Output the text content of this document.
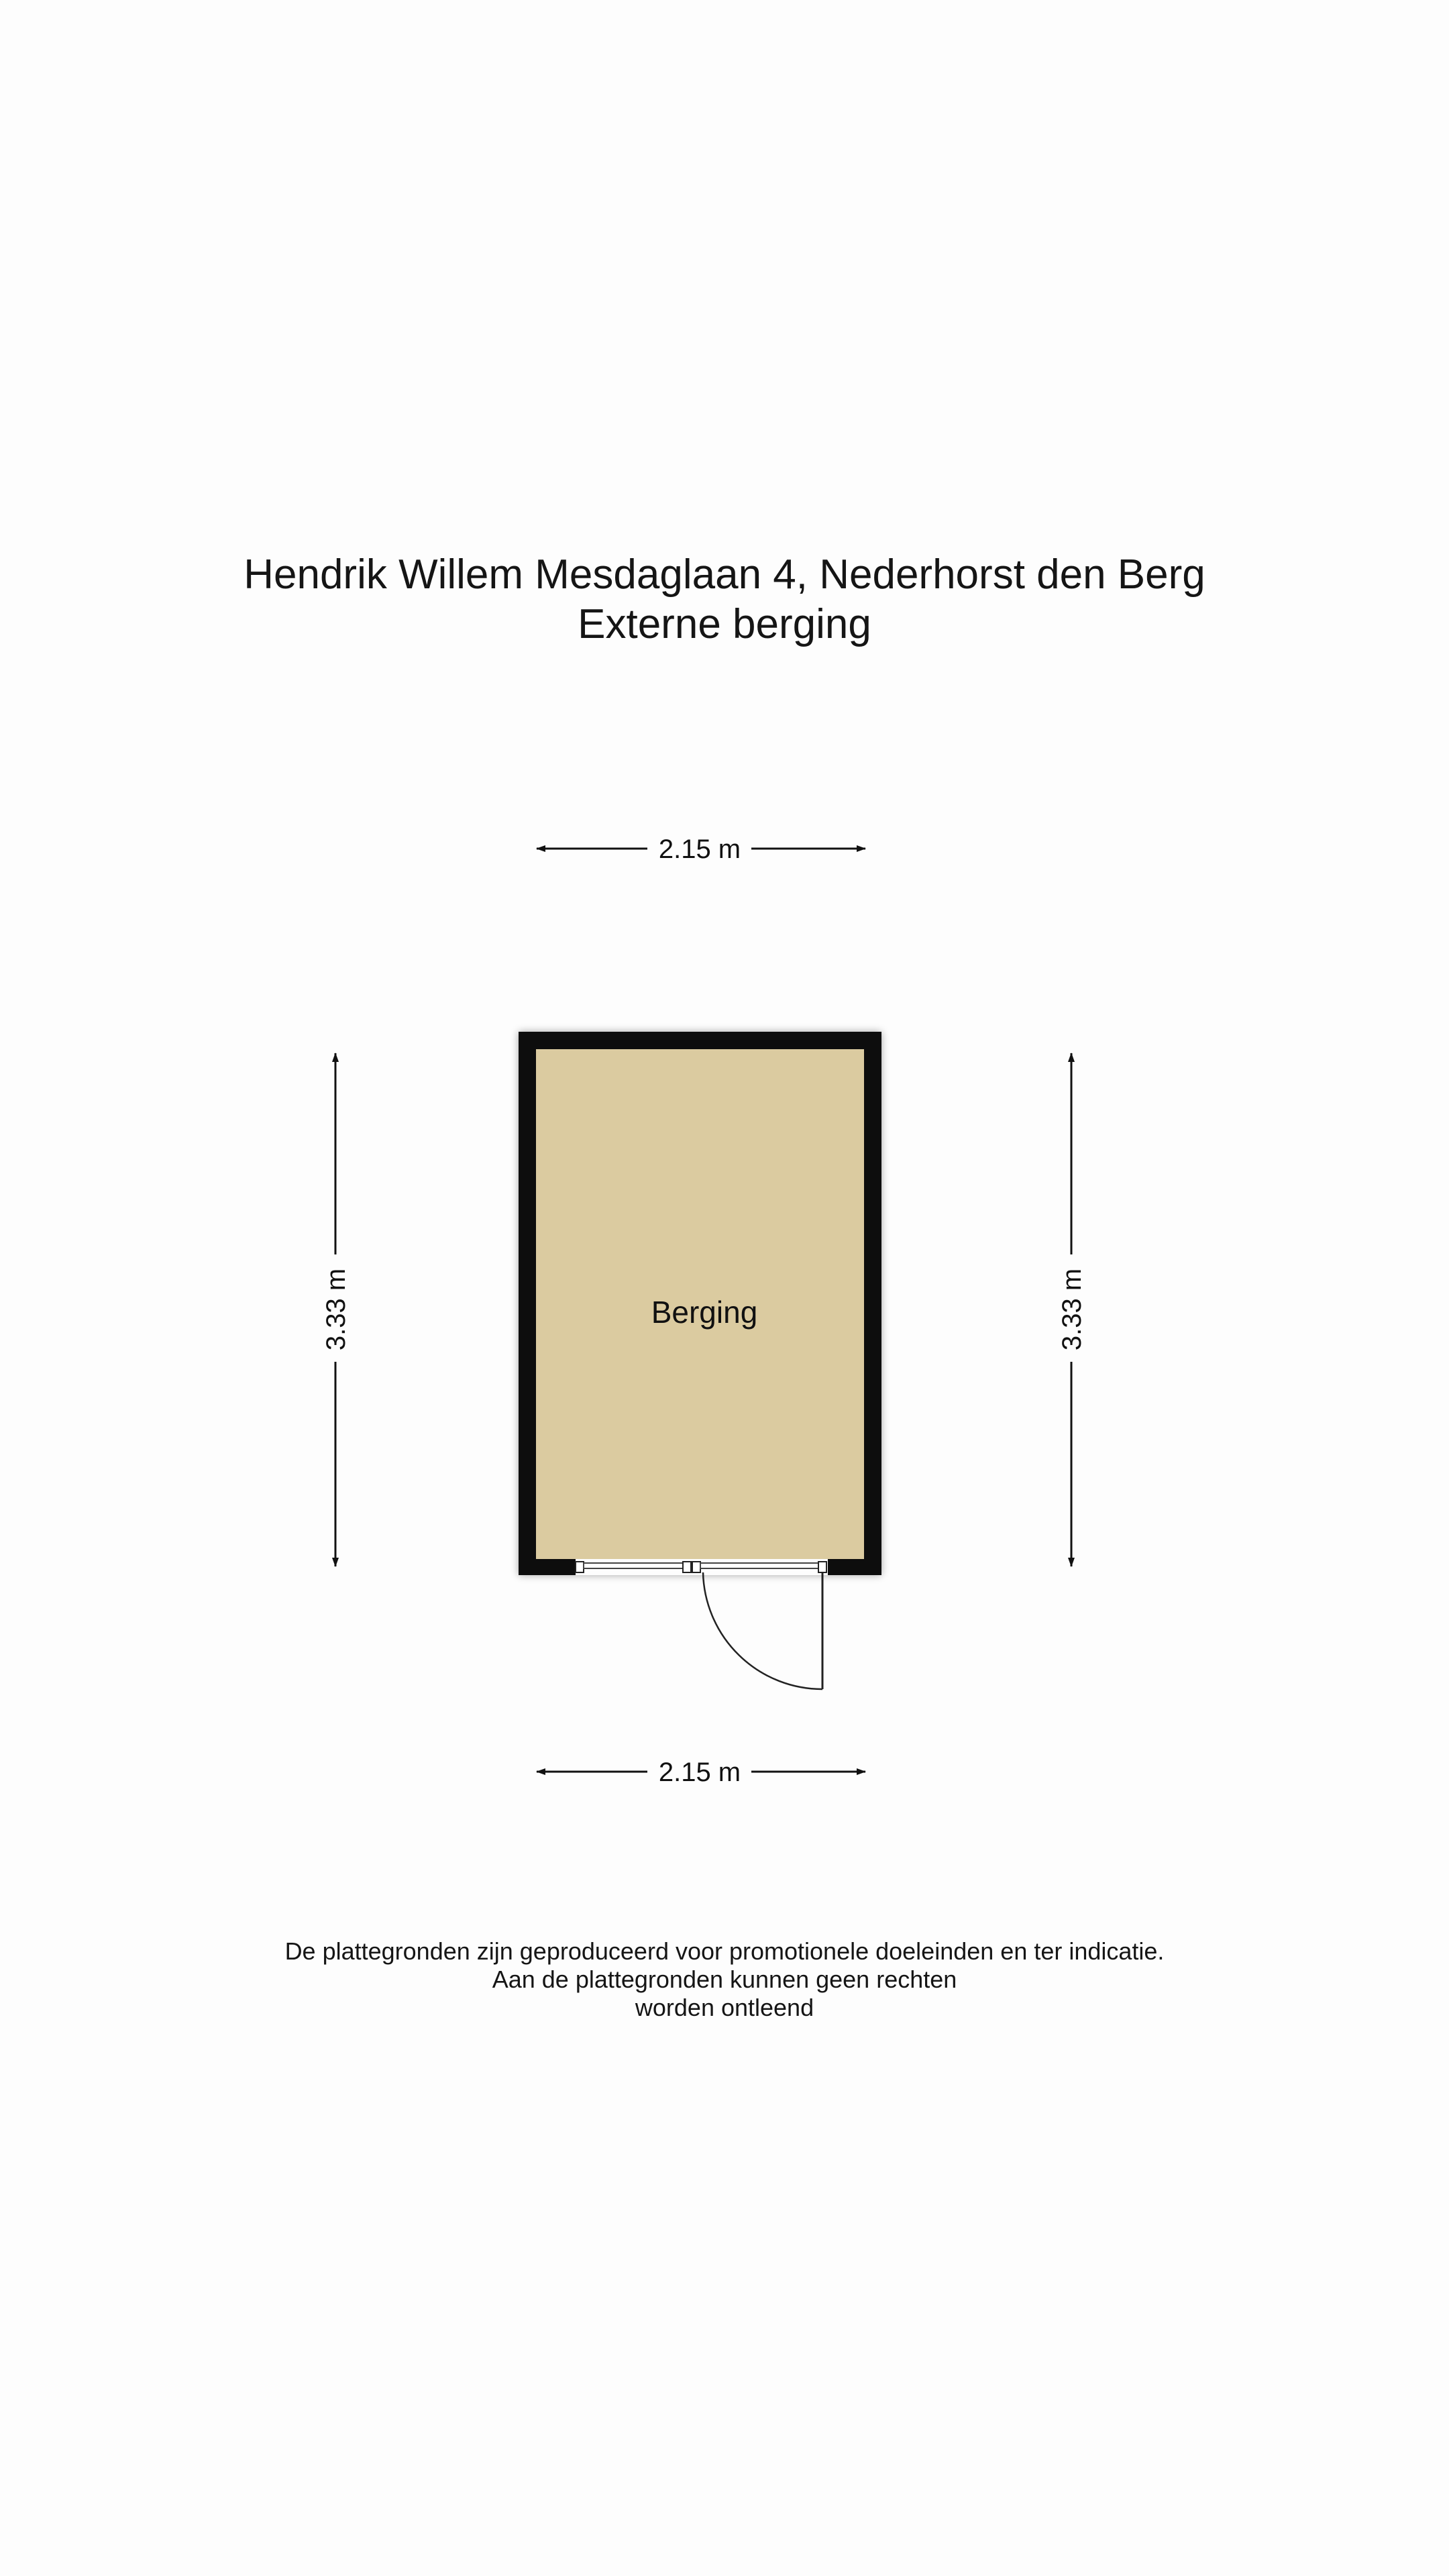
Hendrik Willem Mesdaglaan 4, Nederhorst den Berg
Externe berging
2.15 m
Berging
3.33 m	3.33 m
2.15 m
De plattegronden zijn geproduceerd voor promotionele doeleinden en ter indicatie.
Aan de plattegronden kunnen geen rechten
worden ontleend
